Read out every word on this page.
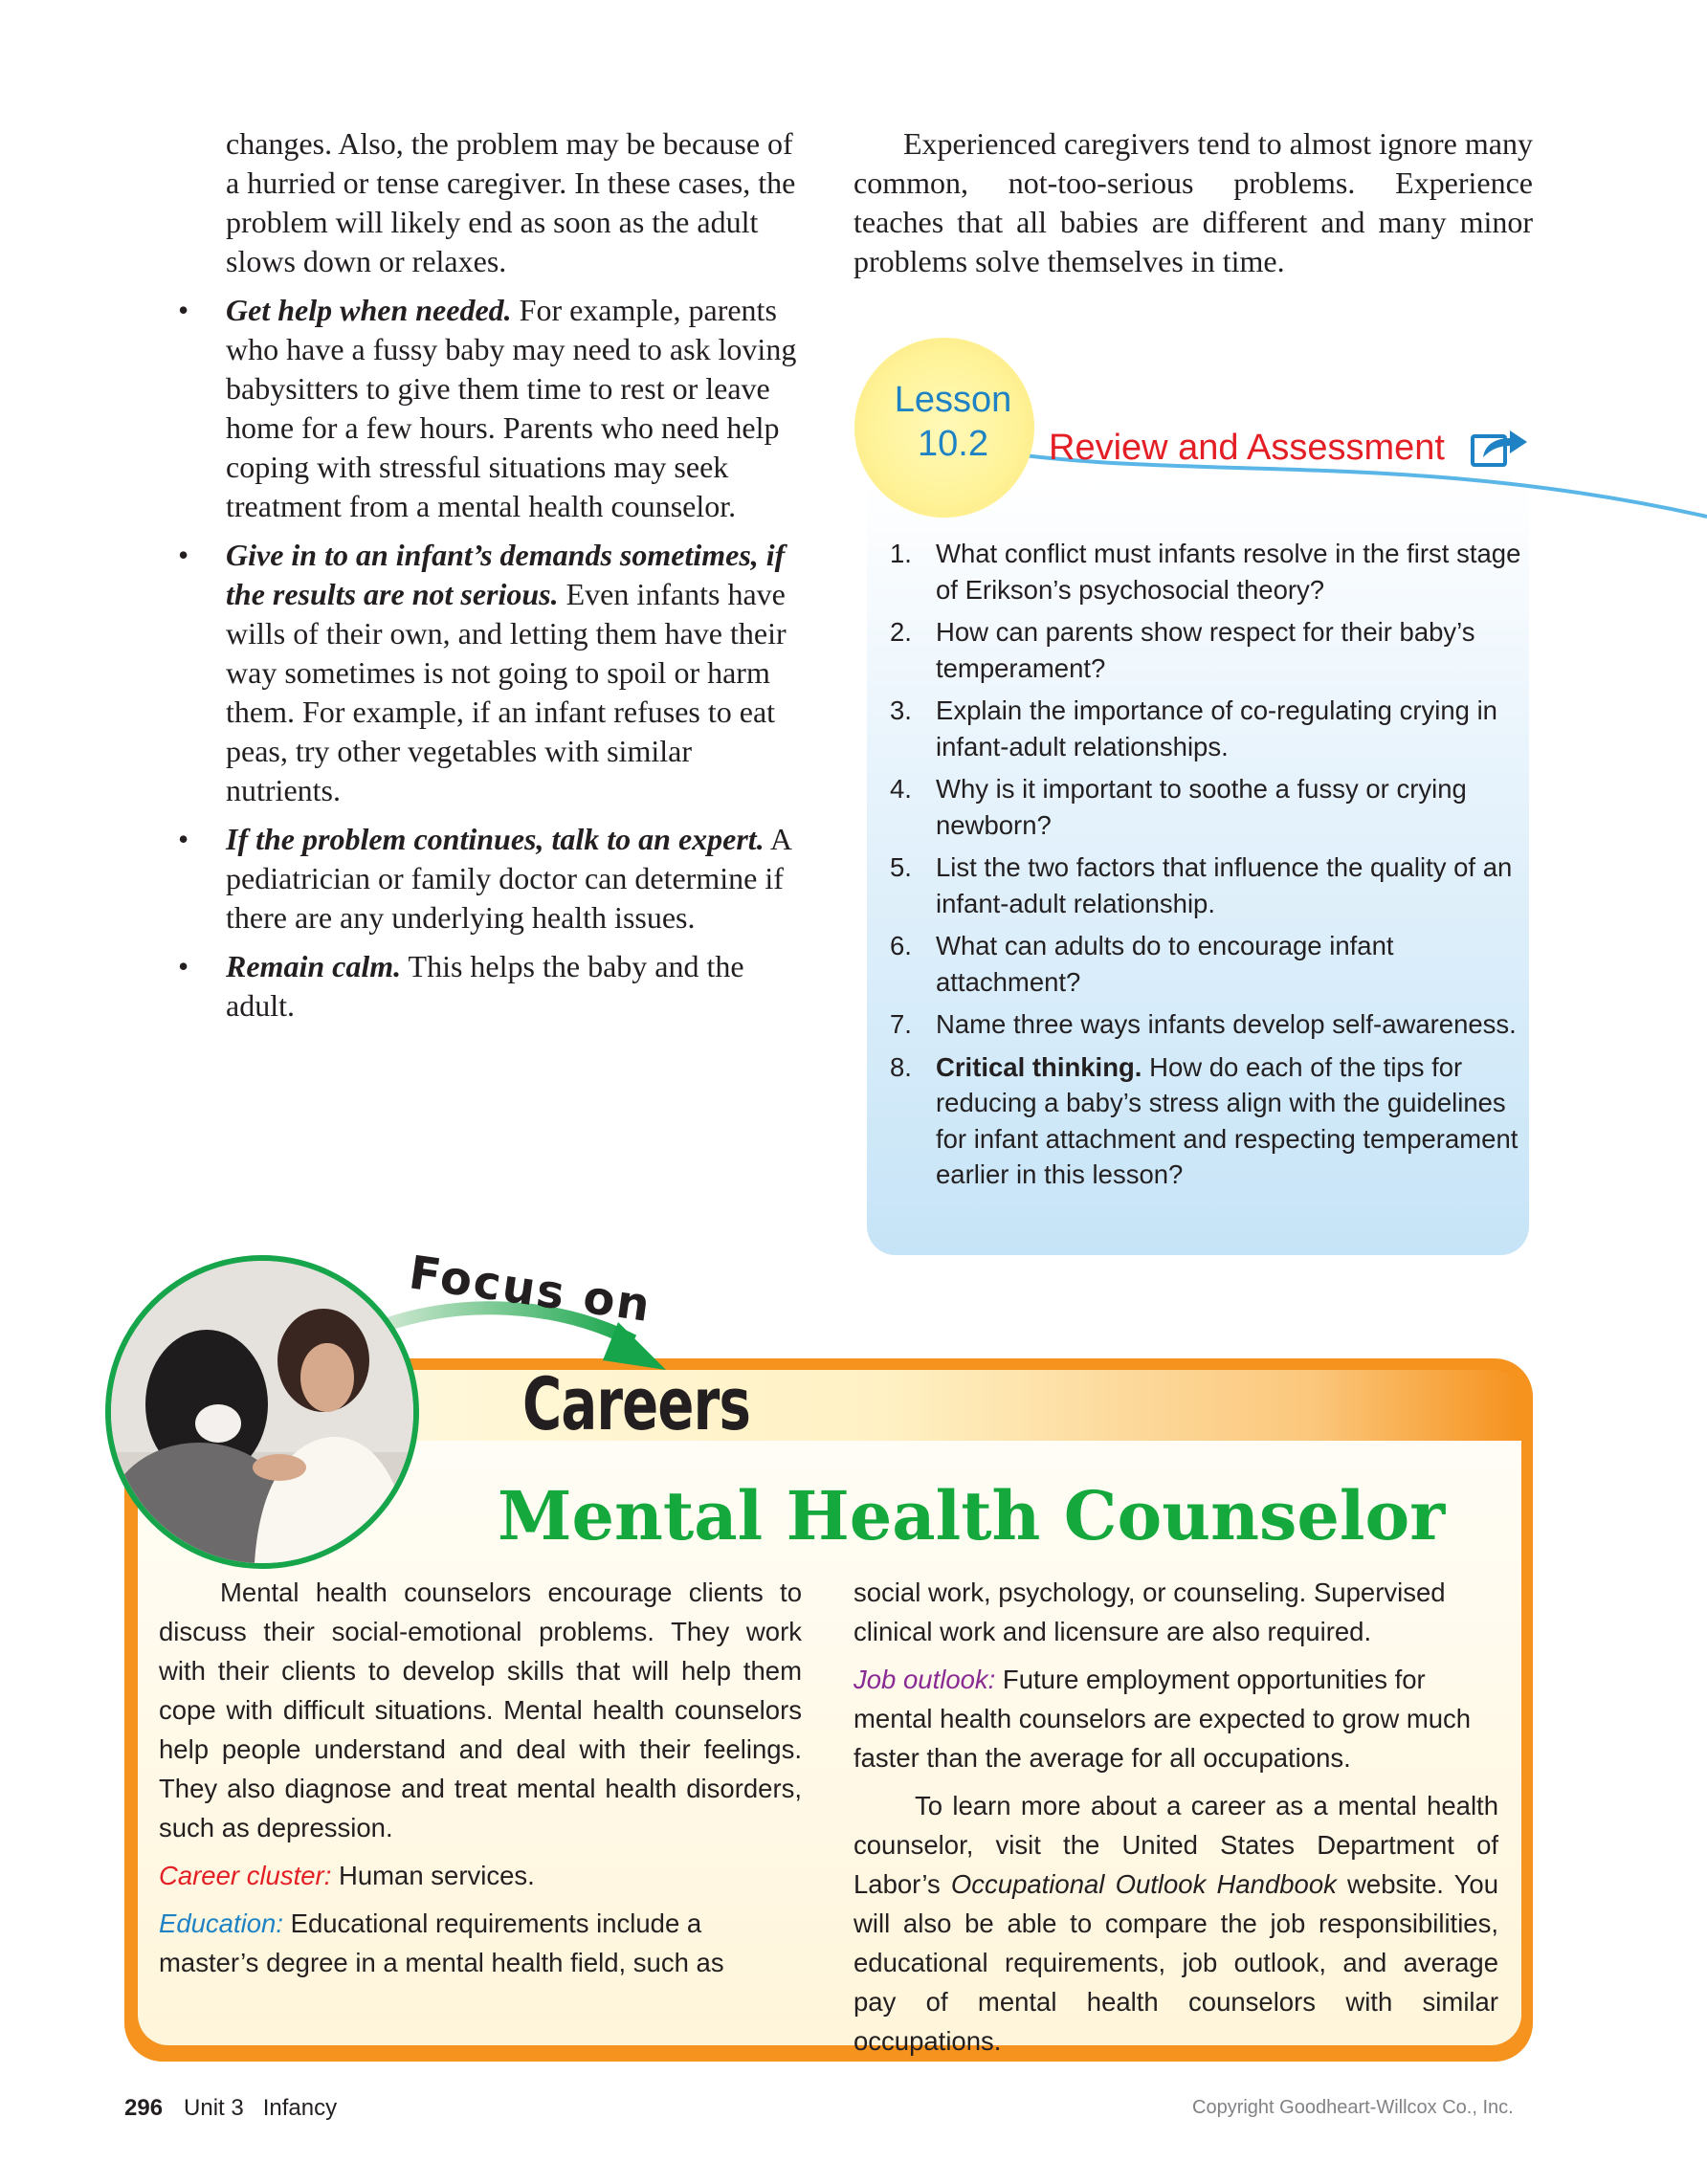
changes. Also, the problem may be because of a hurried or tense caregiver. In these cases, the problem will likely end as soon as the adult slows down or relaxes.

• Get help when needed. For example, parents who have a fussy baby may need to ask loving babysitters to give them time to rest or leave home for a few hours. Parents who need help coping with stressful situations may seek treatment from a mental health counselor.
• Give in to an infant’s demands sometimes, if the results are not serious. Even infants have wills of their own, and letting them have their way sometimes is not going to spoil or harm them. For example, if an infant refuses to eat peas, try other vegetables with similar nutrients.
• If the problem continues, talk to an expert. A pediatrician or family doctor can determine if there are any underlying health issues.
• Remain calm. This helps the baby and the adult.

Experienced caregivers tend to almost ignore many common, not-too-serious problems. Experience teaches that all babies are different and many minor problems solve themselves in time.

Lesson
10.2	Review and Assessment
1. What conflict must infants resolve in the first stage of Erikson’s psychosocial theory?
2. How can parents show respect for their baby’s temperament?
3. Explain the importance of co-regulating crying in infant-adult relationships.
4. Why is it important to soothe a fussy or crying newborn?
5. List the two factors that influence the quality of an infant-adult relationship.
6. What can adults do to encourage infant attachment?
7. Name three ways infants develop self-awareness.
8. Critical thinking. How do each of the tips for reducing a baby’s stress align with the guidelines for infant attachment and respecting temperament earlier in this lesson?
Careers
Focus on
Mental Health Counselor

Mental health counselors encourage clients to discuss their social-emotional problems. They work with their clients to develop skills that will help them cope with difficult situations. Mental health counselors help people understand and deal with their feelings. They also diagnose and treat mental health disorders, such as depression.

Career cluster: Human services.

Education: Educational requirements include a master’s degree in a mental health field, such as

social work, psychology, or counseling. Supervised clinical work and licensure are also required.

Job outlook: Future employment opportunities for mental health counselors are expected to grow much faster than the average for all occupations.

To learn more about a career as a mental health counselor, visit the United States Department of Labor’s Occupational Outlook Handbook website. You will also be able to compare the job responsibilities, educational requirements, job outlook, and average pay of mental health counselors with similar occupations.

296 Unit 3   Infancy	Copyright Goodheart-Willcox Co., Inc.
